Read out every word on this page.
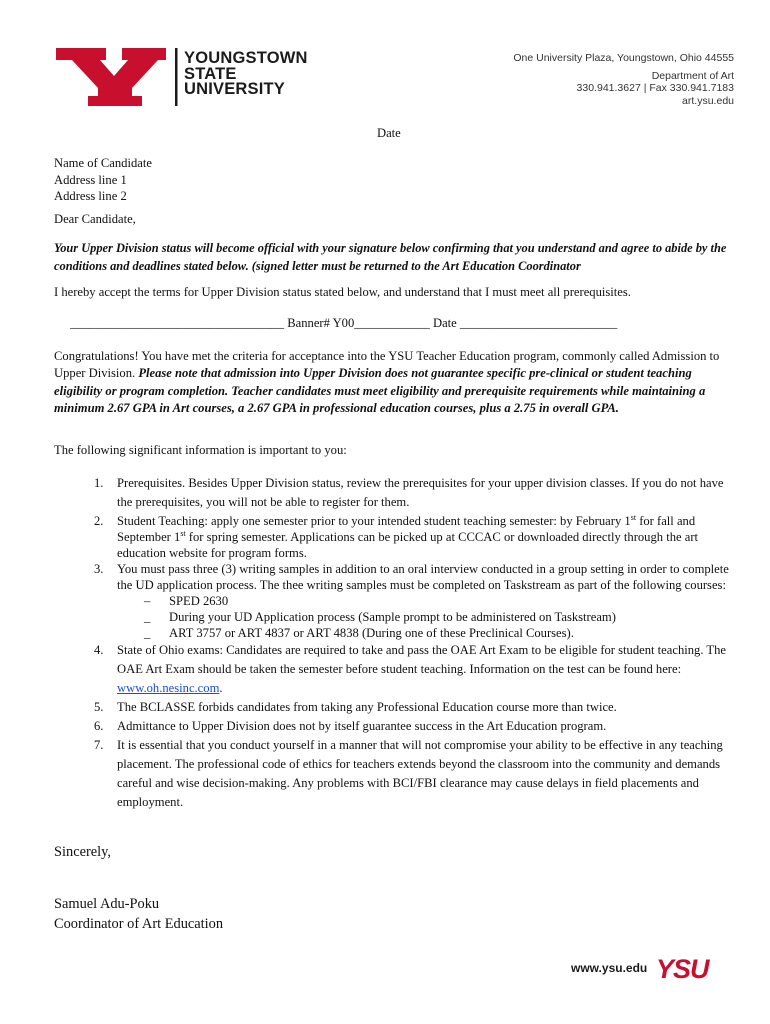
YOUNGSTOWN
STATE
UNIVERSITY
One University Plaza, Youngstown, Ohio 44555
Department of Art
330.941.3627 | Fax 330.941.7183
art.ysu.edu
Date
Name of Candidate
Address line 1
Address line 2
Dear Candidate,
Your Upper Division status will become official with your signature below confirming that you understand and agree to abide by the conditions and deadlines stated below. (signed letter must be returned to the Art Education Coordinator
I hereby accept the terms for Upper Division status stated below, and understand that I must meet all prerequisites.
__________________________________ Banner# Y00____________ Date _________________________
Congratulations! You have met the criteria for acceptance into the YSU Teacher Education program, commonly called Admission to Upper Division. Please note that admission into Upper Division does not guarantee specific pre-clinical or student teaching eligibility or program completion. Teacher candidates must meet eligibility and prerequisite requirements while maintaining a minimum 2.67 GPA in Art courses, a 2.67 GPA in professional education courses, plus a 2.75 in overall GPA.
The following significant information is important to you:
1. Prerequisites. Besides Upper Division status, review the prerequisites for your upper division classes. If you do not have the prerequisites, you will not be able to register for them.
2. Student Teaching: apply one semester prior to your intended student teaching semester: by February 1st for fall and September 1st for spring semester. Applications can be picked up at CCCAC or downloaded directly through the art education website for program forms.
3. You must pass three (3) writing samples in addition to an oral interview conducted in a group setting in order to complete the UD application process. The thee writing samples must be completed on Taskstream as part of the following courses:
– SPED 2630
_ During your UD Application process (Sample prompt to be administered on Taskstream)
_ ART 3757 or ART 4837 or ART 4838 (During one of these Preclinical Courses).
4. State of Ohio exams: Candidates are required to take and pass the OAE Art Exam to be eligible for student teaching. The OAE Art Exam should be taken the semester before student teaching. Information on the test can be found here: www.oh.nesinc.com.
5. The BCLASSE forbids candidates from taking any Professional Education course more than twice.
6. Admittance to Upper Division does not by itself guarantee success in the Art Education program.
7. It is essential that you conduct yourself in a manner that will not compromise your ability to be effective in any teaching placement. The professional code of ethics for teachers extends beyond the classroom into the community and demands careful and wise decision-making. Any problems with BCI/FBI clearance may cause delays in field placements and employment.
Sincerely,
Samuel Adu-Poku
Coordinator of Art Education
www.ysu.edu YSU
